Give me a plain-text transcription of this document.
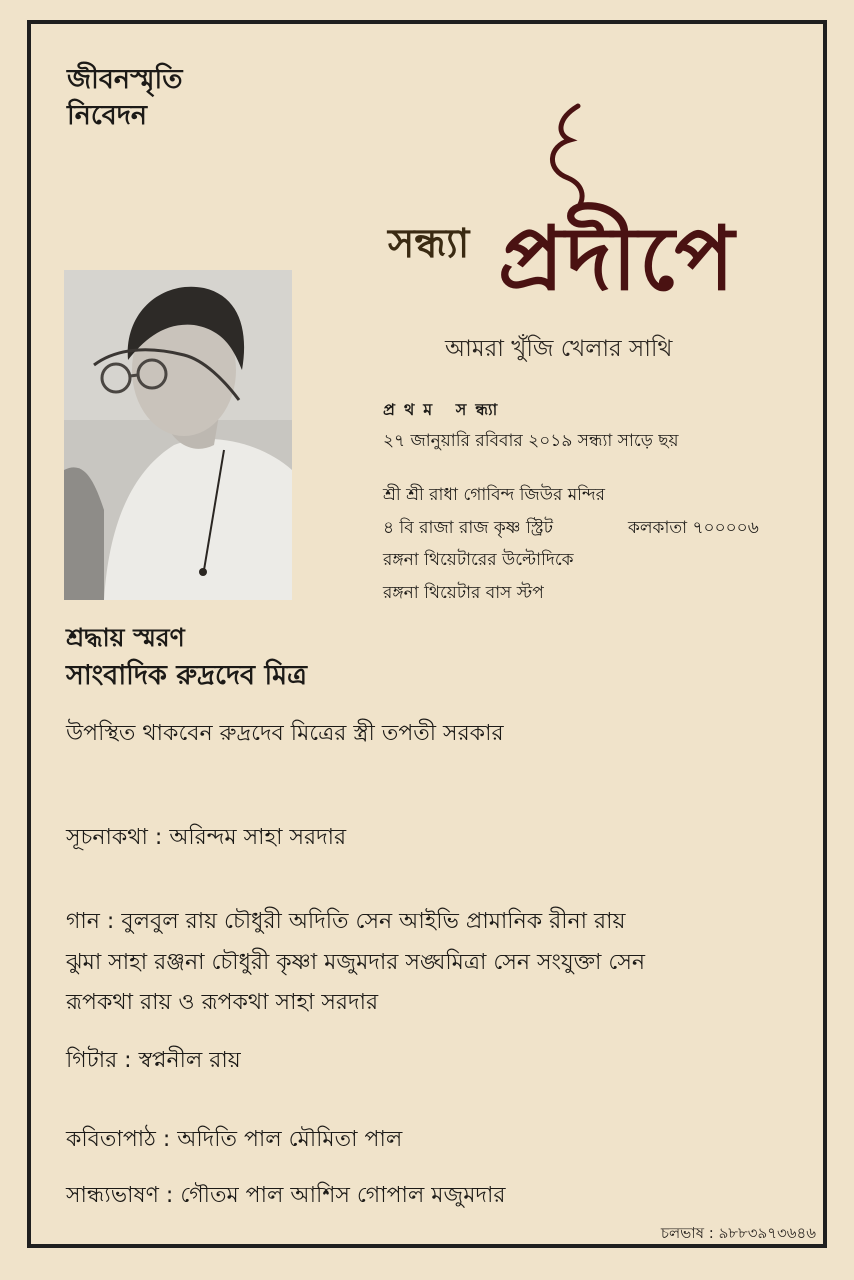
জীবনস্মৃতি
নিবেদন
সন্ধ্যা প্রদীপে
আমরা খুঁজি খেলার সাথি
প্রথম সন্ধ্যা
২৭ জানুয়ারি রবিবার ২০১৯ সন্ধ্যা সাড়ে ছয়
শ্রী শ্রী রাধা গোবিন্দ জিউর মন্দির
৪ বি রাজা রাজ কৃষ্ণ স্ট্রিট	কলকাতা ৭০০০০৬
রঙ্গনা থিয়েটারের উল্টোদিকে
রঙ্গনা থিয়েটার বাস স্টপ
শ্রদ্ধায় স্মরণ
সাংবাদিক রুদ্রদেব মিত্র
উপস্থিত থাকবেন রুদ্রদেব মিত্রের স্ত্রী তপতী সরকার
সূচনাকথা : অরিন্দম সাহা সরদার
গান : বুলবুল রায় চৌধুরী অদিতি সেন আইভি প্রামানিক রীনা রায়
ঝুমা সাহা রঞ্জনা চৌধুরী কৃষ্ণা মজুমদার সঙ্ঘমিত্রা সেন সংযুক্তা সেন
রূপকথা রায় ও রূপকথা সাহা সরদার
গিটার : স্বপ্ননীল রায়
কবিতাপাঠ : অদিতি পাল মৌমিতা পাল
সান্ধ্যভাষণ : গৌতম পাল আশিস গোপাল মজুমদার
চলভাষ : ৯৮৮৩৯৭৩৬৪৬
